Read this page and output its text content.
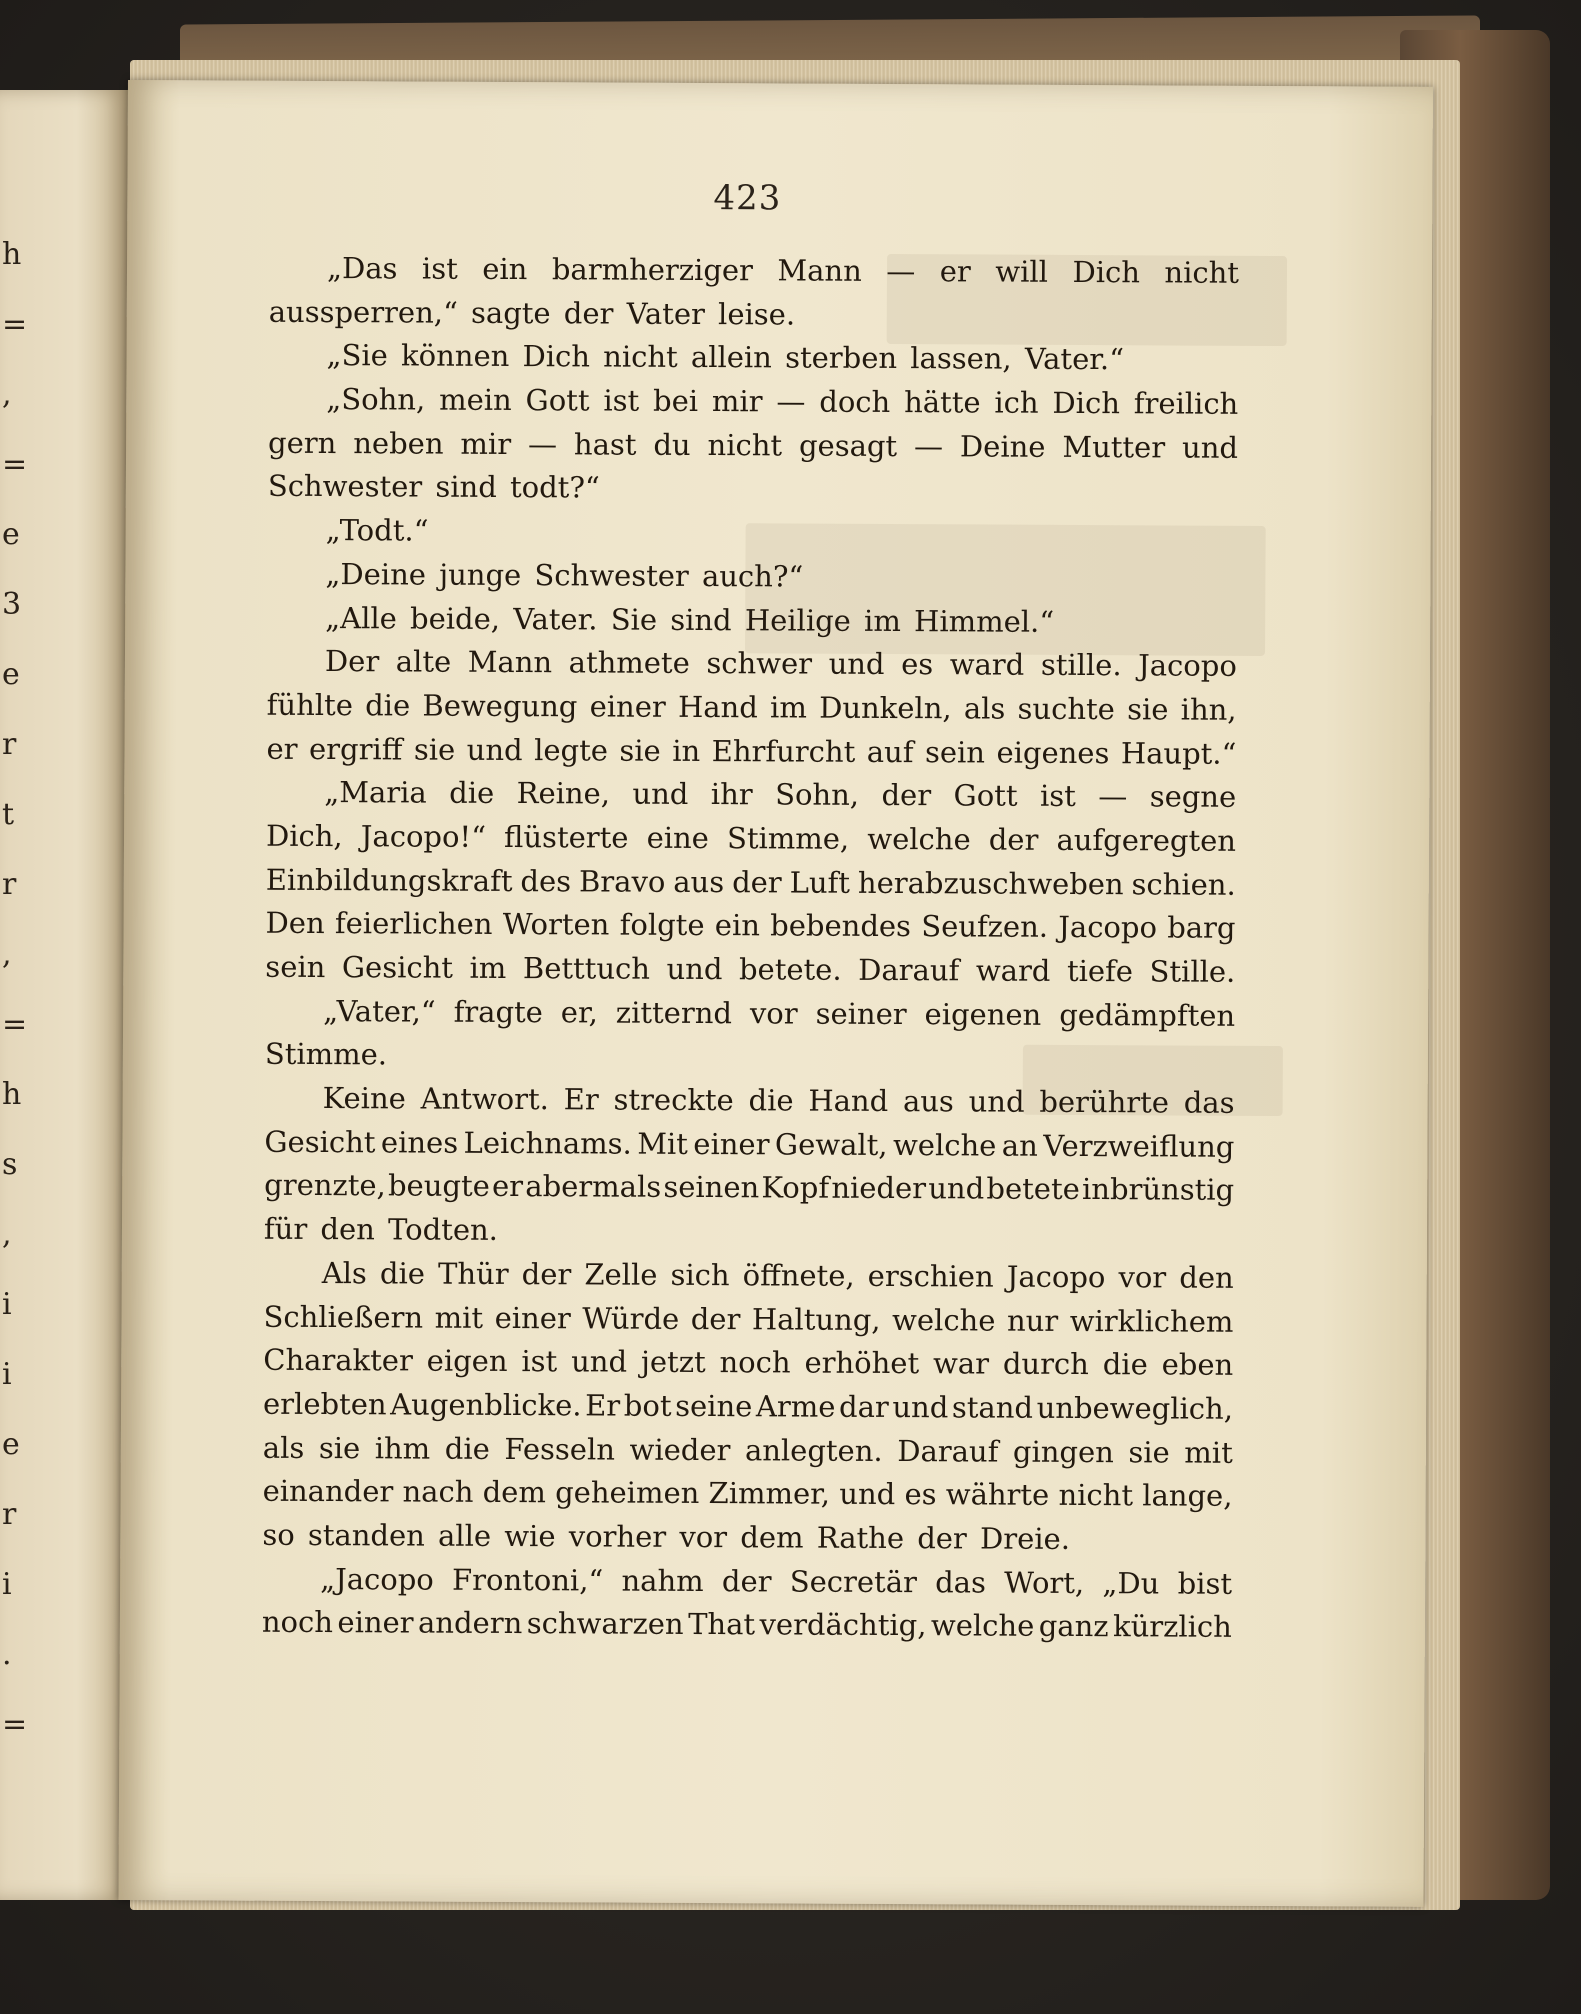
h
=
,
=
e
3
e
r
t
r
,
=
h
s
,
i
i
e
r
i
.
=
423
„Das ist ein barmherziger Mann — er will Dich nicht
aussperren,“ sagte der Vater leise.
„Sie können Dich nicht allein sterben lassen, Vater.“
„Sohn, mein Gott ist bei mir — doch hätte ich Dich freilich
gern neben mir — hast du nicht gesagt — Deine Mutter und
Schwester sind todt?“
„Todt.“
„Deine junge Schwester auch?“
„Alle beide, Vater. Sie sind Heilige im Himmel.“
Der alte Mann athmete schwer und es ward stille. Jacopo
fühlte die Bewegung einer Hand im Dunkeln, als suchte sie ihn,
er ergriff sie und legte sie in Ehrfurcht auf sein eigenes Haupt.“
„Maria die Reine, und ihr Sohn, der Gott ist — segne
Dich, Jacopo!“ flüsterte eine Stimme, welche der aufgeregten
Einbildungskraft des Bravo aus der Luft herabzuschweben schien.
Den feierlichen Worten folgte ein bebendes Seufzen. Jacopo barg
sein Gesicht im Betttuch und betete. Darauf ward tiefe Stille.
„Vater,“ fragte er, zitternd vor seiner eigenen gedämpften
Stimme.
Keine Antwort. Er streckte die Hand aus und berührte das
Gesicht eines Leichnams. Mit einer Gewalt, welche an Verzweiflung
grenzte, beugte er abermals seinen Kopf nieder und betete inbrünstig
für den Todten.
Als die Thür der Zelle sich öffnete, erschien Jacopo vor den
Schließern mit einer Würde der Haltung, welche nur wirklichem
Charakter eigen ist und jetzt noch erhöhet war durch die eben
erlebten Augenblicke. Er bot seine Arme dar und stand unbeweglich,
als sie ihm die Fesseln wieder anlegten. Darauf gingen sie mit
einander nach dem geheimen Zimmer, und es währte nicht lange,
so standen alle wie vorher vor dem Rathe der Dreie.
„Jacopo Frontoni,“ nahm der Secretär das Wort, „Du bist
noch einer andern schwarzen That verdächtig, welche ganz kürzlich
